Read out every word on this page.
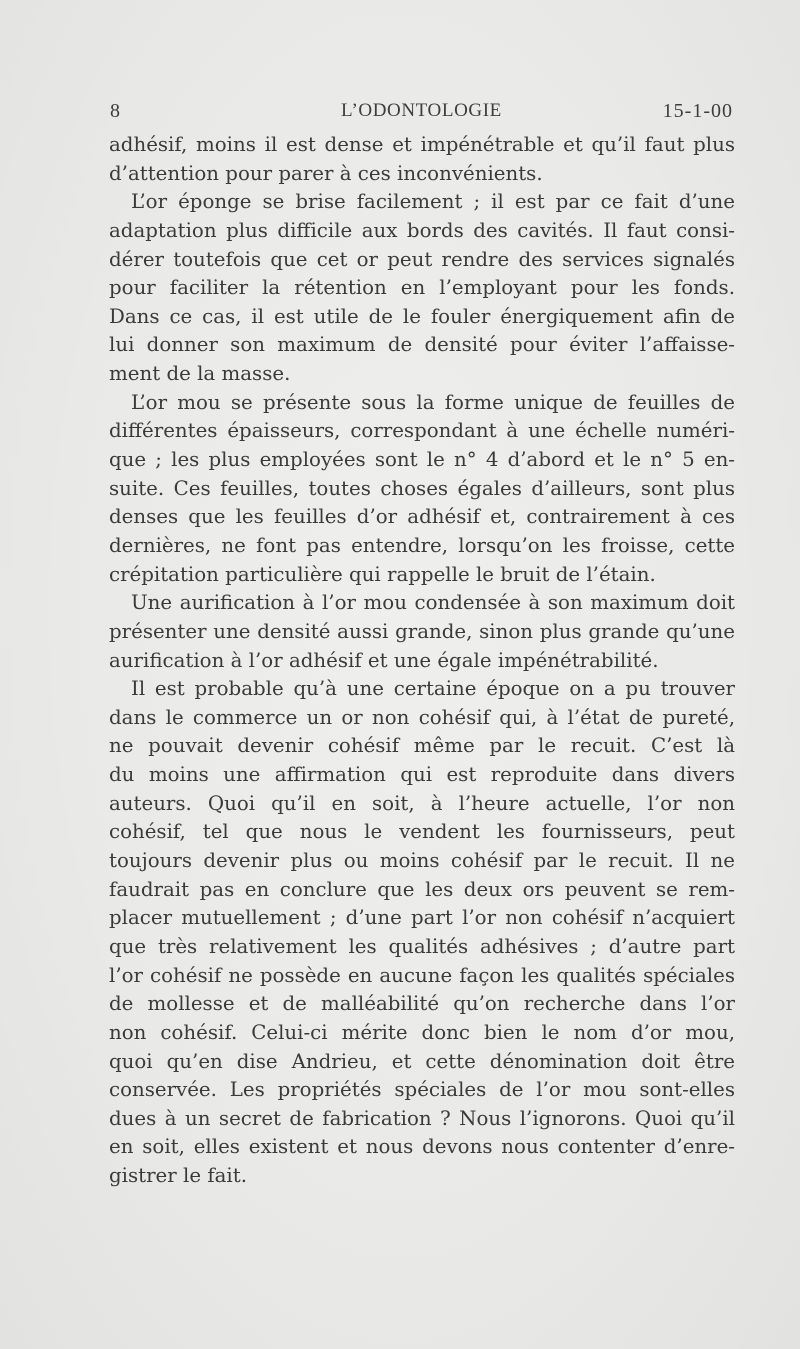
8	L’ODONTOLOGIE	15-1-00
adhésif, moins il est dense et impénétrable et qu’il faut plus
d’attention pour parer à ces inconvénients.
L’or éponge se brise facilement ; il est par ce fait d’une
adaptation plus difficile aux bords des cavités. Il faut consi-
dérer toutefois que cet or peut rendre des services signalés
pour faciliter la rétention en l’employant pour les fonds.
Dans ce cas, il est utile de le fouler énergiquement afin de
lui donner son maximum de densité pour éviter l’affaisse-
ment de la masse.
L’or mou se présente sous la forme unique de feuilles de
différentes épaisseurs, correspondant à une échelle numéri-
que ; les plus employées sont le n° 4 d’abord et le n° 5 en-
suite. Ces feuilles, toutes choses égales d’ailleurs, sont plus
denses que les feuilles d’or adhésif et, contrairement à ces
dernières, ne font pas entendre, lorsqu’on les froisse, cette
crépitation particulière qui rappelle le bruit de l’étain.
Une aurification à l’or mou condensée à son maximum doit
présenter une densité aussi grande, sinon plus grande qu’une
aurification à l’or adhésif et une égale impénétrabilité.
Il est probable qu’à une certaine époque on a pu trouver
dans le commerce un or non cohésif qui, à l’état de pureté,
ne pouvait devenir cohésif même par le recuit. C’est là
du moins une affirmation qui est reproduite dans divers
auteurs. Quoi qu’il en soit, à l’heure actuelle, l’or non
cohésif, tel que nous le vendent les fournisseurs, peut
toujours devenir plus ou moins cohésif par le recuit. Il ne
faudrait pas en conclure que les deux ors peuvent se rem-
placer mutuellement ; d’une part l’or non cohésif n’acquiert
que très relativement les qualités adhésives ; d’autre part
l’or cohésif ne possède en aucune façon les qualités spéciales
de mollesse et de malléabilité qu’on recherche dans l’or
non cohésif. Celui-ci mérite donc bien le nom d’or mou,
quoi qu’en dise Andrieu, et cette dénomination doit être
conservée. Les propriétés spéciales de l’or mou sont-elles
dues à un secret de fabrication ? Nous l’ignorons. Quoi qu’il
en soit, elles existent et nous devons nous contenter d’enre-
gistrer le fait.
